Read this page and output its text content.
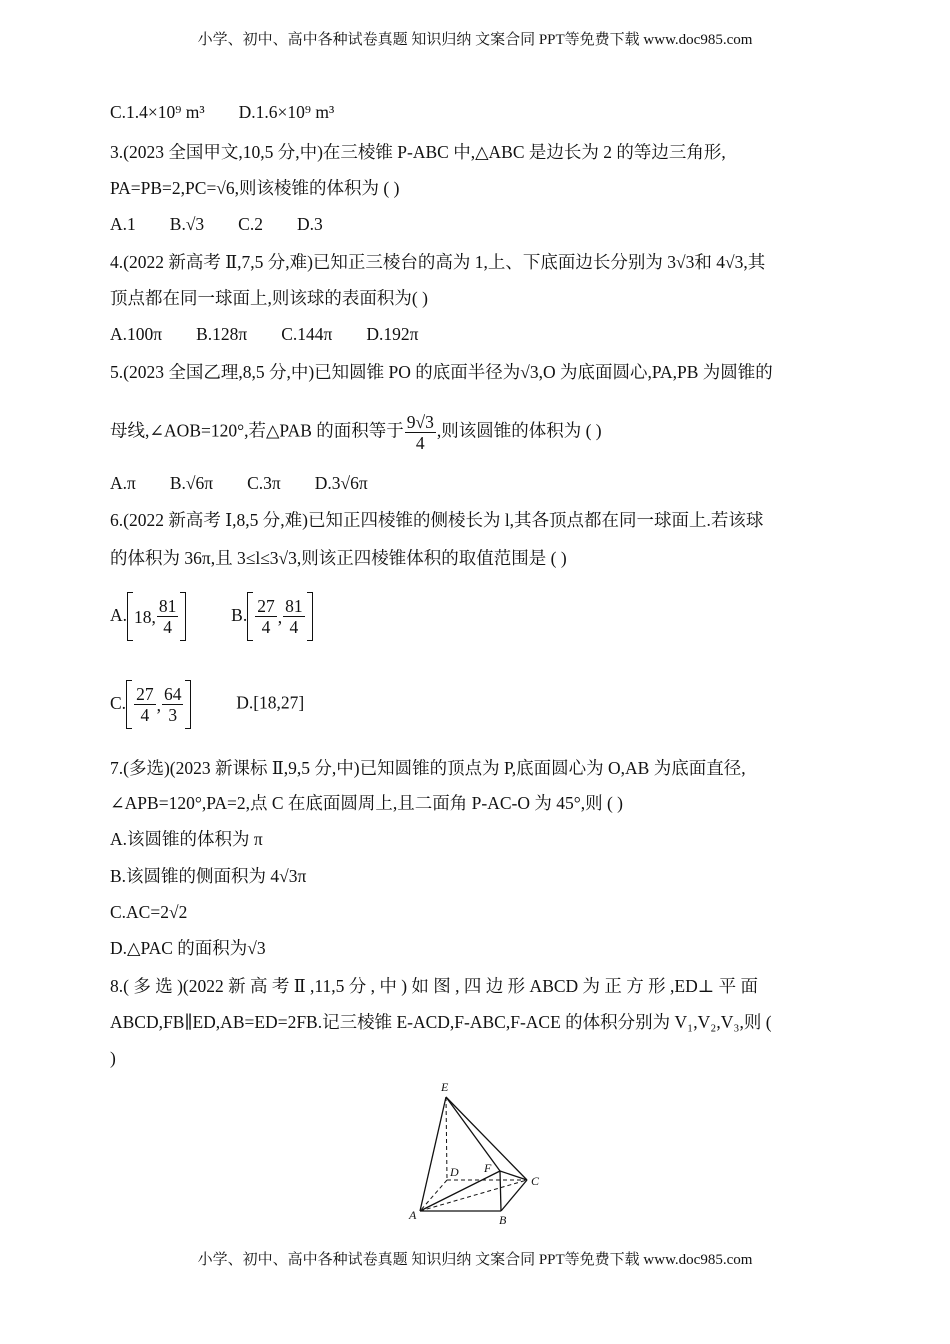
小学、初中、高中各种试卷真题 知识归纳 文案合同 PPT等免费下载 www.doc985.com
C.1.4×10⁹ m³ D.1.6×10⁹ m³
3.(2023 全国甲文,10,5 分,中)在三棱锥 P-ABC 中,△ABC 是边长为 2 的等边三角形,
PA=PB=2,PC=√6,则该棱锥的体积为 ( )
A.1 B.√3 C.2 D.3
4.(2022 新高考 Ⅱ,7,5 分,难)已知正三棱台的高为 1,上、下底面边长分别为 3√3和 4√3,其
顶点都在同一球面上,则该球的表面积为( )
A.100π B.128π C.144π D.192π
5.(2023 全国乙理,8,5 分,中)已知圆锥 PO 的底面半径为√3,O 为底面圆心,PA,PB 为圆锥的
母线,∠AOB=120°,若△PAB 的面积等于 $\frac{9√3}{4}$ ,则该圆锥的体积为 ( )
A.π B.√6π C.3π D.3√6π
6.(2022 新高考 Ⅰ,8,5 分,难)已知正四棱锥的侧棱长为 l,其各顶点都在同一球面上.若该球
的体积为 36π,且 3≤l≤3√3,则该正四棱锥体积的取值范围是 ( )
A. 18 , $\frac{81}{4}$	B. $\frac{27}{4}$ , $\frac{81}{4}$
C. $\frac{27}{4}$ , $\frac{64}{3}$	D.[18,27]
7.(多选)(2023 新课标 Ⅱ,9,5 分,中)已知圆锥的顶点为 P,底面圆心为 O,AB 为底面直径,
∠APB=120°,PA=2,点 C 在底面圆周上,且二面角 P-AC-O 为 45°,则 ( )
A.该圆锥的体积为 π
B.该圆锥的侧面积为 4√3π
C.AC=2√2
D.△PAC 的面积为√3
8.( 多 选 )(2022 新 高 考 Ⅱ ,11,5 分 , 中 ) 如 图 , 四 边 形 ABCD 为 正 方 形 ,ED⊥ 平 面
ABCD,FB∥ED,AB=ED=2FB.记三棱锥 E-ACD,F-ABC,F-ACE 的体积分别为 V₁,V₂,V₃,则 (
)
E
D F
C
A	B
小学、初中、高中各种试卷真题 知识归纳 文案合同 PPT等免费下载 www.doc985.com
